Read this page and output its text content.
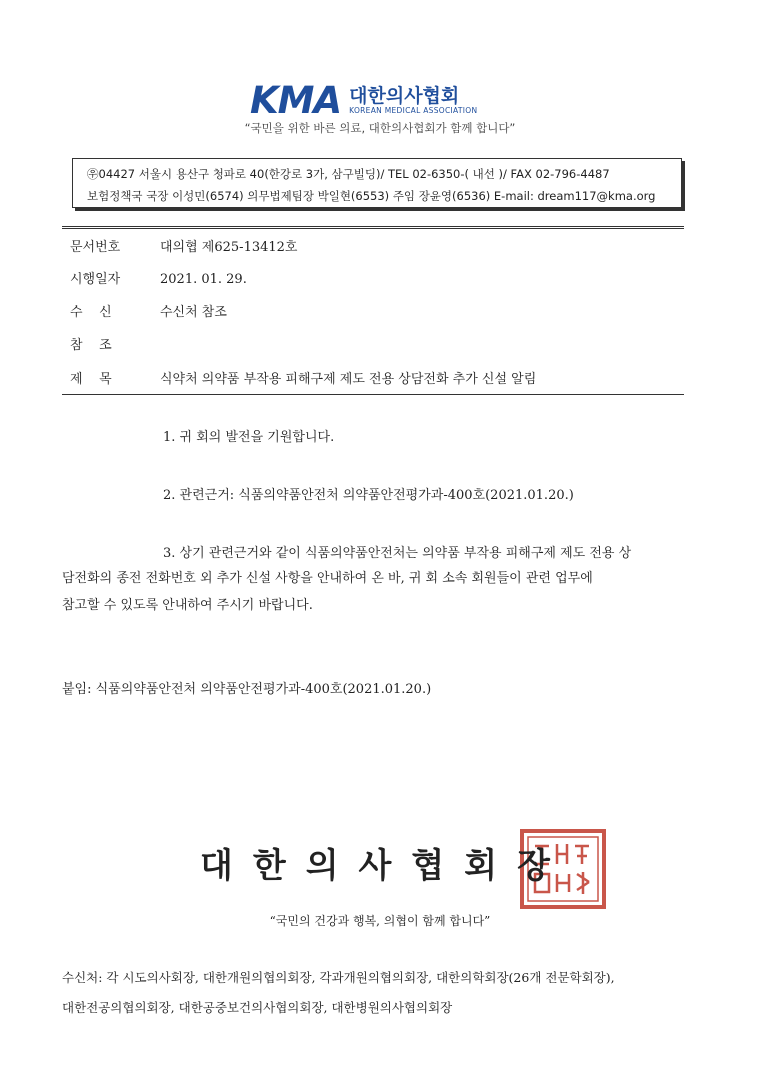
KMA 대한의사협회
KOREAN MEDICAL ASSOCIATION
“국민을 위한 바른 의료, 대한의사협회가 함께 합니다”
㉾04427 서울시 용산구 청파로 40(한강로 3가, 삼구빌딩)/ TEL 02-6350-( 내선 )/ FAX 02-796-4487
보험정책국 국장 이성민(6574) 의무법제팀장 박일현(6553) 주임 장윤영(6536) E-mail: dream117@kma.org
문서번호	대의협 제625-13412호
시행일자	2021. 01. 29.
수    신	수신처 참조
참    조
제    목	식약처 의약품 부작용 피해구제 제도 전용 상담전화 추가 신설 알림
1. 귀 회의 발전을 기원합니다.
2. 관련근거: 식품의약품안전처 의약품안전평가과-400호(2021.01.20.)
3. 상기 관련근거와 같이 식품의약품안전처는 의약품 부작용 피해구제 제도 전용 상
담전화의 종전 전화번호 외 추가 신설 사항을 안내하여 온 바, 귀 회 소속 회원들이 관련 업무에
참고할 수 있도록 안내하여 주시기 바랍니다.
붙임: 식품의약품안전처 의약품안전평가과-400호(2021.01.20.)
대한의사협회장
“국민의 건강과 행복, 의협이 함께 합니다”
수신처: 각 시도의사회장, 대한개원의협의회장, 각과개원의협의회장, 대한의학회장(26개 전문학회장),
대한전공의협의회장, 대한공중보건의사협의회장, 대한병원의사협의회장
